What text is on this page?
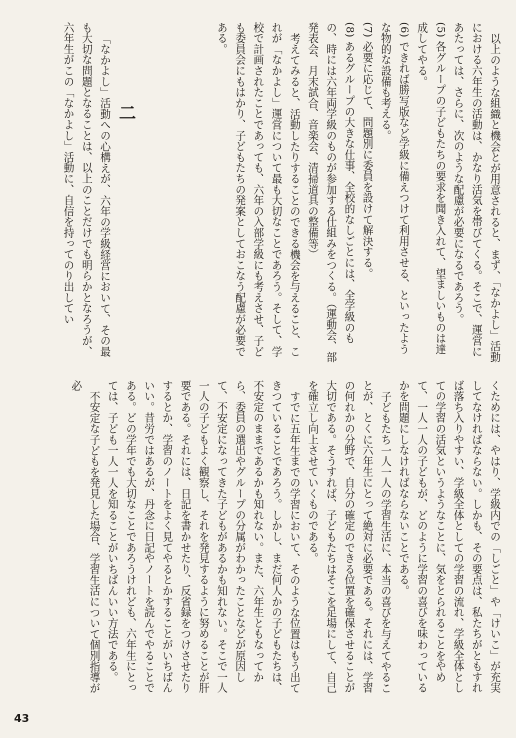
以上のような組織と機会とが用意されると、まず、「なかよし」活動における六年生の活動は、かなり活気を帯びてくる。そこで、運営にあたっては、さらに、次のような配慮が必要になるであろう。
(5) 各グループの子どもたちの要求を聞き入れて、望ましいものは達成してやる。
(6) できれば勝写版など学級に備えつけて利用させる、といったような物的な設備も考える。
(7) 必要に応じて、問題別に委員を設けて解決する。
(8) あるグループの大きな仕事、全校的なしごとには、全学級のもの、時には六年両学級のものが参加する仕組みをつくる。（運動会、部発表会、月末試合、音楽会、清掃道具の整備等）
考えてみると、活動したりすることのできる機会を与えること、これが「なかよし」運営について最も大切なことであろう。そして、学校で計画されたことであっても、六年の入部学級にも考えさせ、子ども委員会にもはかり、子どもたちの発案としておこなう配慮が必要である。
二
「なかよし」活動への心構えが、六年の学級経営において、その最も大切な問題となることは、以上のことだけでも明らかとなろうが、六年生がこの「なかよし」活動に、自信を持ってのり出してい
くためには、やはり、学級内での「しごと」や「けいこ」が充実してなければならない。しかも、その要点は、私たちがともすれば落ち入りやすい、学級全体としての学習の流れ、学級全体としての学習の活気というようなことに、気をとられることをやめて、一人一人の子どもが、どのように学習の喜びを味わっているかを問題にしなければならないことである。
子どもたち一人一人の学習生活に、本当の喜びを与えてやることが、とくに六年生にとって絶対に必要である。それには、学習の何れかの分野で、自分の確定のできる位置を確保させることが大切である。そうすれば、子どもたちはそこを足場にして、自己を確立し向上させていくものである。
すでに五年生までの学習において、そのような位置はもう出てきつていることであろう。しかし、まだ何人かの子どもたちは、不安定のままであるかも知れない。また、六年生ともなってから、委員の選出やグループの分属がわかったことなどが原因して、不安定になってきた子どもがあるかも知れない。そこで一人一人の子どもよく観察し、それを発見するように努めることが肝要である。それには、日記を書かせたり、反省録をつけさせたりするとか、学習のノートをよく見てやるとかすることがいちばんいい。昔労ではあるが、丹念に日記やノートを読んでやることである。どの学年でも大切なことであろうけれども、六年生にとっては、子ども一人一人を知ることがいちばんいい方法である。
不安定な子どもを発見した場合、学習生活について個別指導が必
43
